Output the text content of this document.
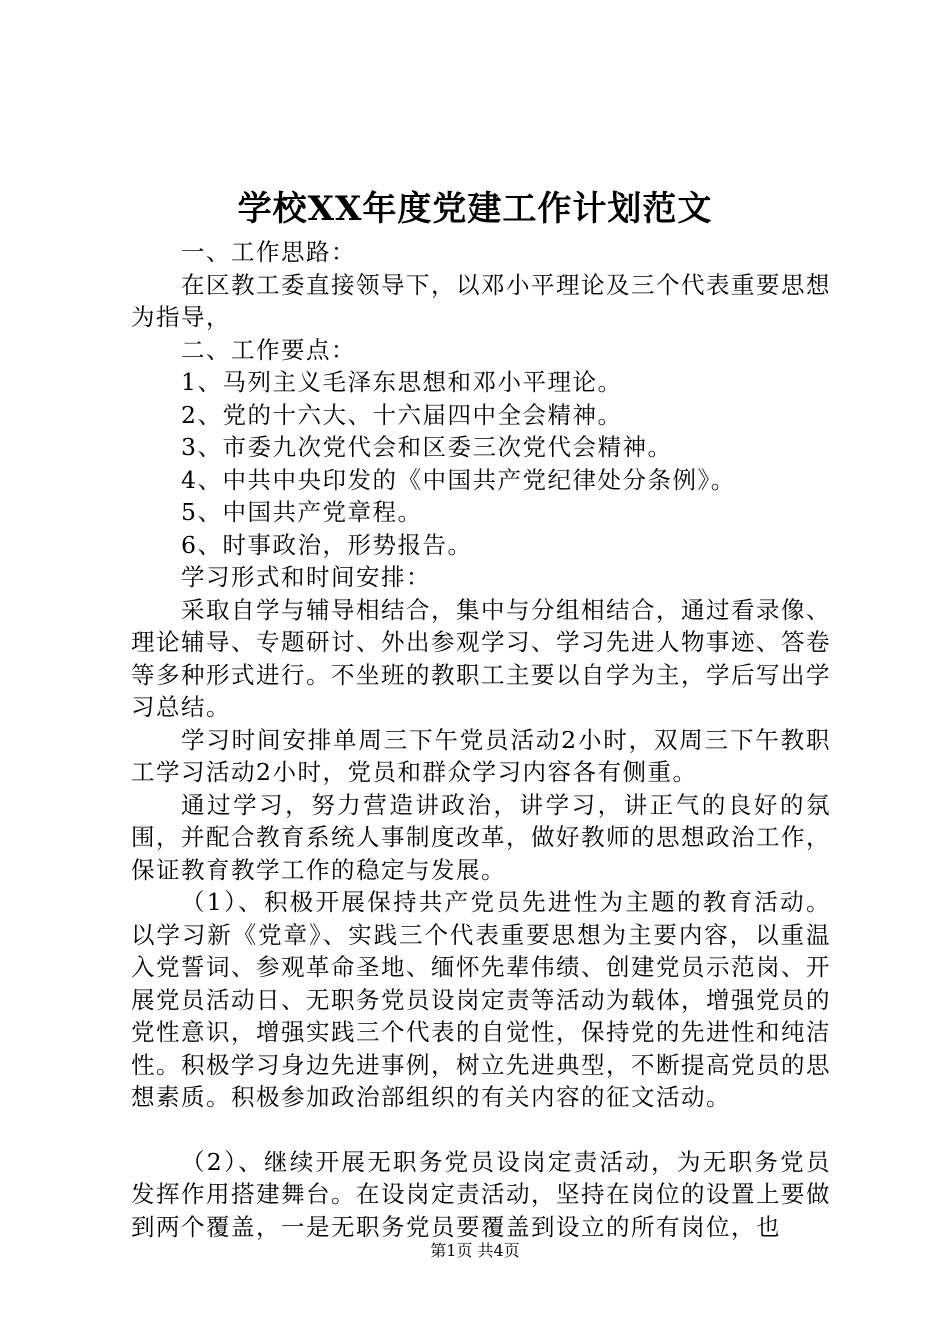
学校XX年度党建工作计划范文

一、工作思路：

在区教工委直接领导下，以邓小平理论及三个代表重要思想为指导，

二、工作要点：

1、马列主义毛泽东思想和邓小平理论。

2、党的十六大、十六届四中全会精神。

3、市委九次党代会和区委三次党代会精神。

4、中共中央印发的《中国共产党纪律处分条例》。

5、中国共产党章程。

6、时事政治，形势报告。

学习形式和时间安排：

采取自学与辅导相结合，集中与分组相结合，通过看录像、理论辅导、专题研讨、外出参观学习、学习先进人物事迹、答卷等多种形式进行。不坐班的教职工主要以自学为主，学后写出学习总结。

学习时间安排单周三下午党员活动2小时，双周三下午教职工学习活动2小时，党员和群众学习内容各有侧重。

通过学习，努力营造讲政治，讲学习，讲正气的良好的氛围，并配合教育系统人事制度改革，做好教师的思想政治工作，保证教育教学工作的稳定与发展。

（1）、积极开展保持共产党员先进性为主题的教育活动。以学习新《党章》、实践三个代表重要思想为主要内容，以重温入党誓词、参观革命圣地、缅怀先辈伟绩、创建党员示范岗、开展党员活动日、无职务党员设岗定责等活动为载体，增强党员的党性意识，增强实践三个代表的自觉性，保持党的先进性和纯洁性。积极学习身边先进事例，树立先进典型，不断提高党员的思想素质。积极参加政治部组织的有关内容的征文活动。

（2）、继续开展无职务党员设岗定责活动，为无职务党员发挥作用搭建舞台。在设岗定责活动，坚持在岗位的设置上要做到两个覆盖，一是无职务党员要覆盖到设立的所有岗位，也

第1页 共4页
